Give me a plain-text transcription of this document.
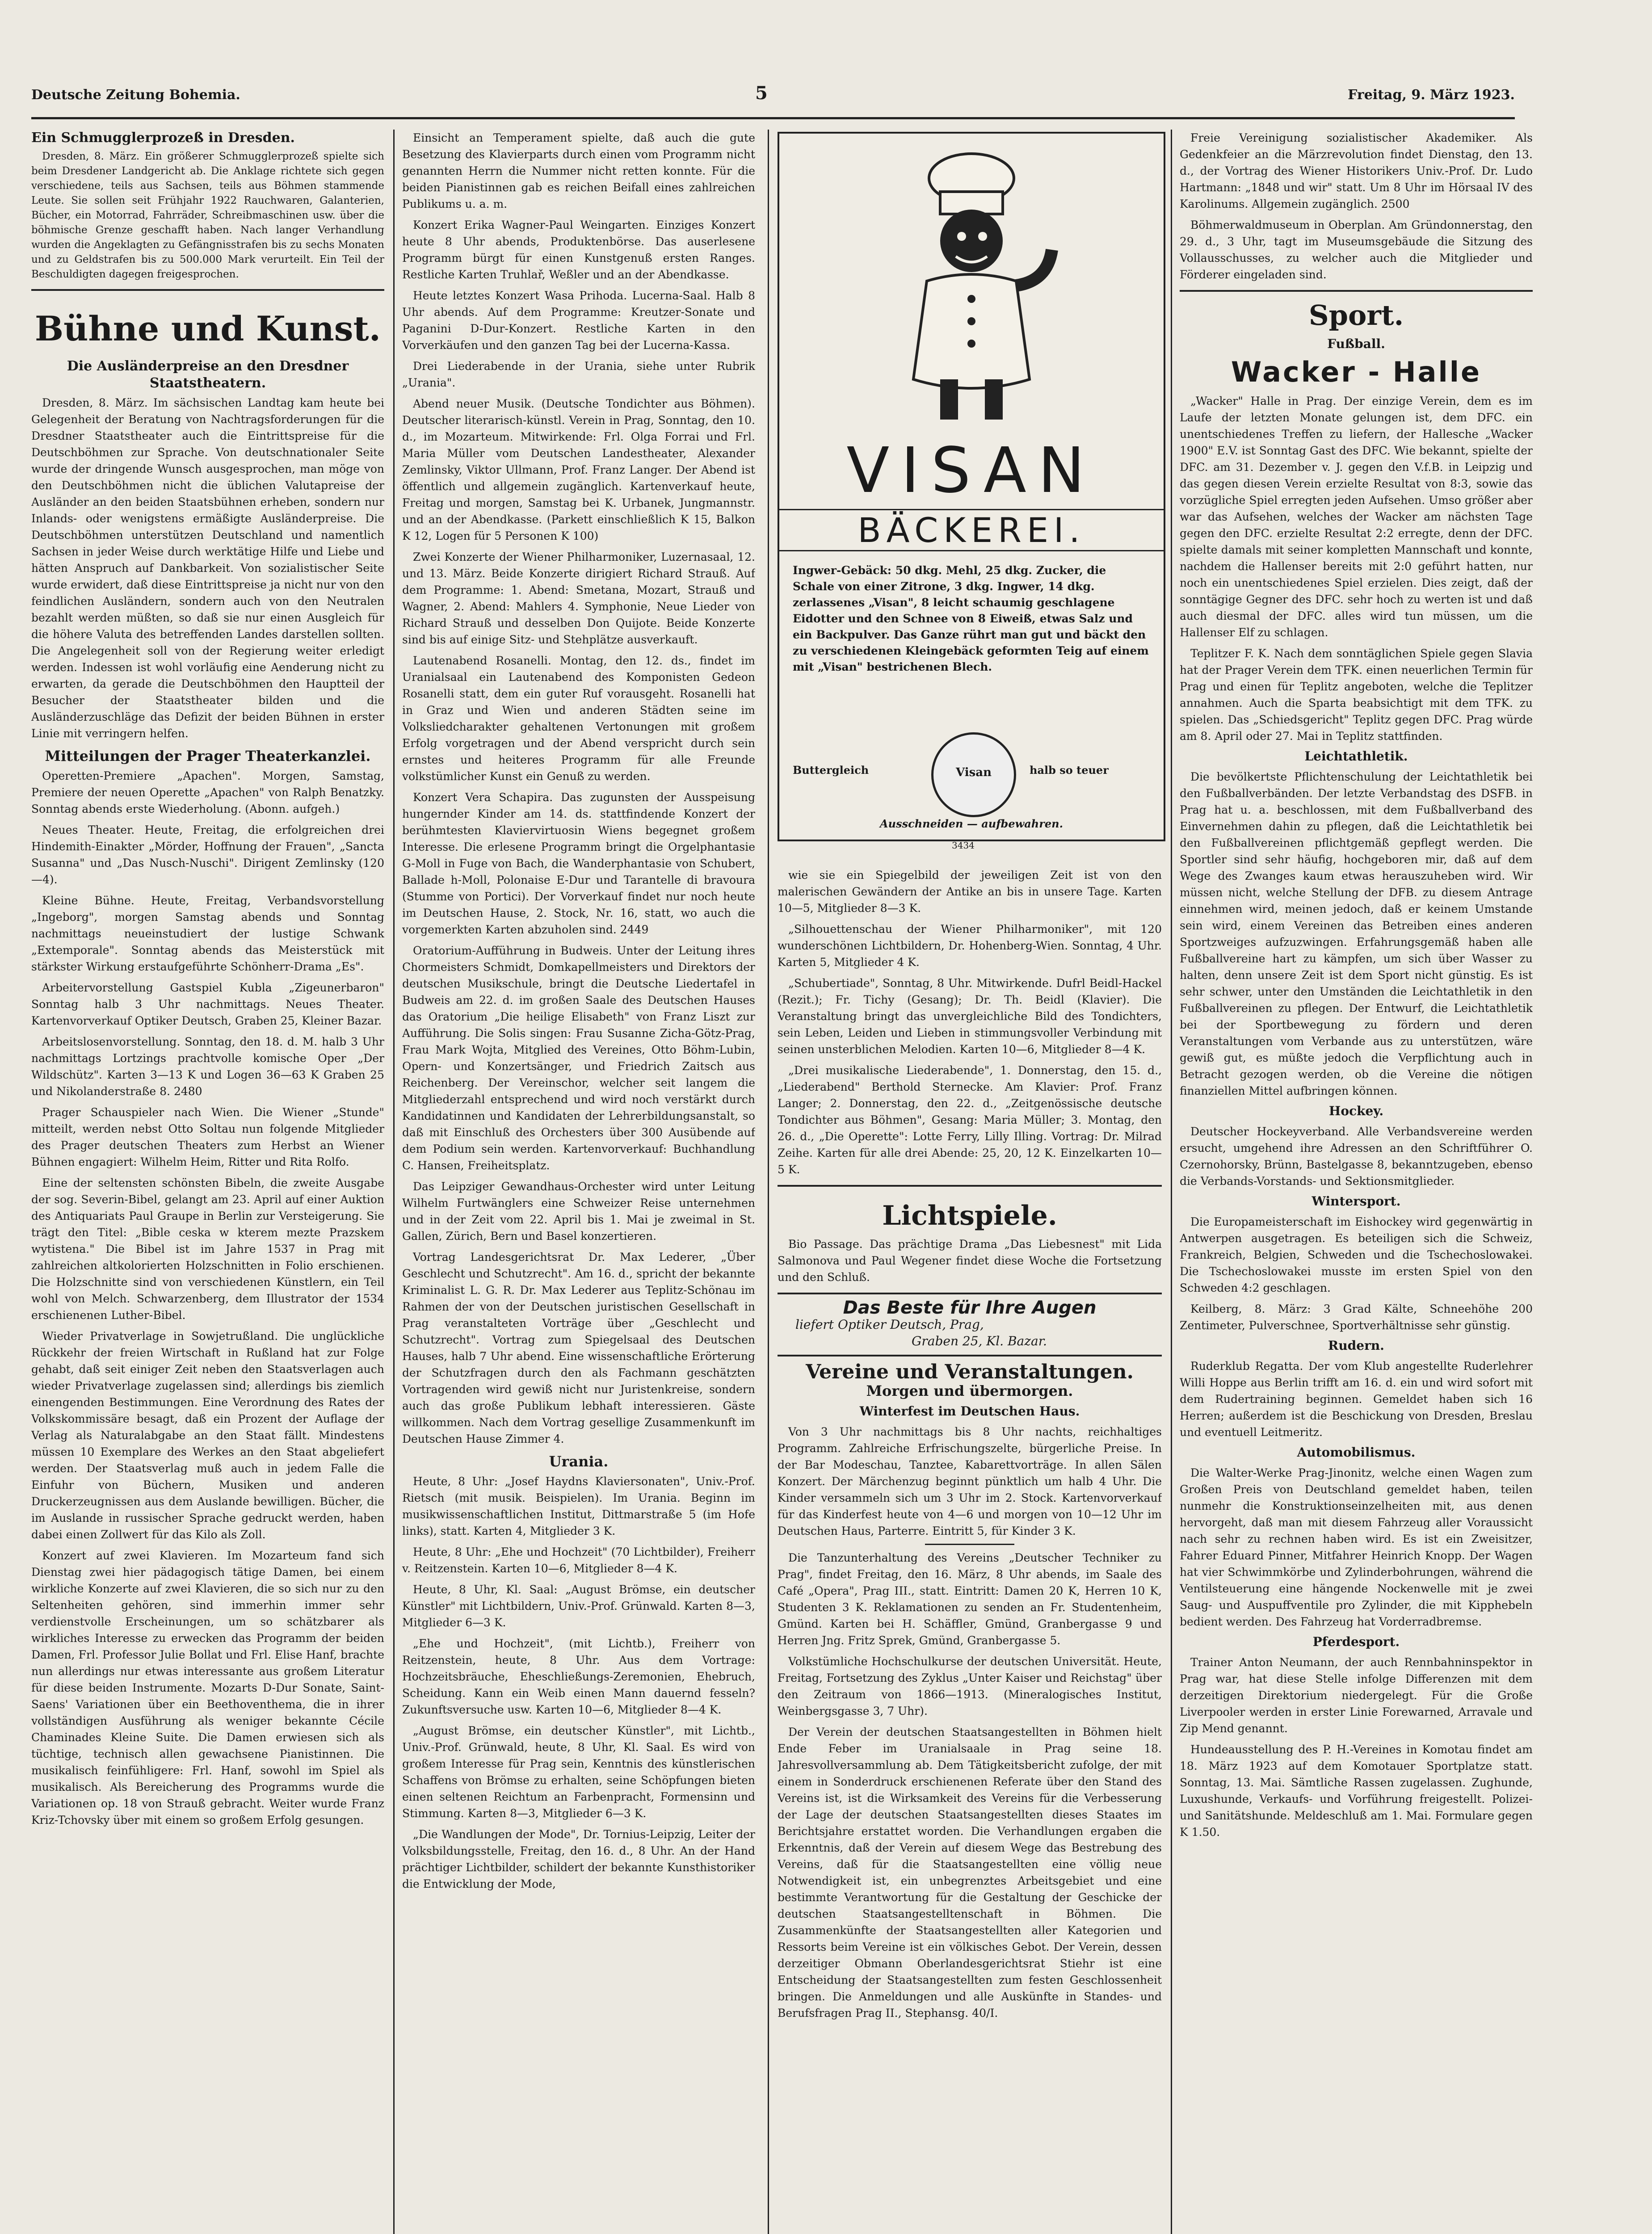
Deutsche Zeitung Bohemia.	5	Freitag, 9. März 1923.
Ein Schmugglerprozeß in Dresden.

Dresden, 8. März. Ein größerer Schmugglerprozeß spielte sich beim Dresdener Landgericht ab. Die Anklage richtete sich gegen verschiedene, teils aus Sachsen, teils aus Böhmen stammende Leute. Sie sollen seit Frühjahr 1922 Rauchwaren, Galanterien, Bücher, ein Motorrad, Fahrräder, Schreibmaschinen usw. über die böhmische Grenze geschafft haben. Nach langer Verhandlung wurden die Angeklagten zu Gefängnisstrafen bis zu sechs Monaten und zu Geldstrafen bis zu 500.000 Mark verurteilt. Ein Teil der Beschuldigten dagegen freigesprochen.

Bühne und Kunst.
Die Ausländerpreise an den Dresdner Staatstheatern.

Dresden, 8. März. Im sächsischen Landtag kam heute bei Gelegenheit der Beratung von Nachtragsforderungen für die Dresdner Staatstheater auch die Eintrittspreise für die Deutschböhmen zur Sprache. Von deutschnationaler Seite wurde der dringende Wunsch ausgesprochen, man möge von den Deutschböhmen nicht die üblichen Valutapreise der Ausländer an den beiden Staatsbühnen erheben, sondern nur Inlands- oder wenigstens ermäßigte Ausländerpreise. Die Deutschböhmen unterstützen Deutschland und namentlich Sachsen in jeder Weise durch werktätige Hilfe und Liebe und hätten Anspruch auf Dankbarkeit. Von sozialistischer Seite wurde erwidert, daß diese Eintrittspreise ja nicht nur von den feindlichen Ausländern, sondern auch von den Neutralen bezahlt werden müßten, so daß sie nur einen Ausgleich für die höhere Valuta des betreffenden Landes darstellen sollten. Die Angelegenheit soll von der Regierung weiter erledigt werden. Indessen ist wohl vorläufig eine Aenderung nicht zu erwarten, da gerade die Deutschböhmen den Hauptteil der Besucher der Staatstheater bilden und die Ausländerzuschläge das Defizit der beiden Bühnen in erster Linie mit verringern helfen.

Mitteilungen der Prager Theaterkanzlei.

Operetten-Premiere „Apachen". Morgen, Samstag, Premiere der neuen Operette „Apachen" von Ralph Benatzky. Sonntag abends erste Wiederholung. (Abonn. aufgeh.)

Neues Theater. Heute, Freitag, die erfolgreichen drei Hindemith-Einakter „Mörder, Hoffnung der Frauen", „Sancta Susanna" und „Das Nusch-Nuschi". Dirigent Zemlinsky (120—4).

Kleine Bühne. Heute, Freitag, Verbandsvorstellung „Ingeborg", morgen Samstag abends und Sonntag nachmittags neueinstudiert der lustige Schwank „Extemporale". Sonntag abends das Meisterstück mit stärkster Wirkung erstaufgeführte Schönherr-Drama „Es".

Arbeitervorstellung Gastspiel Kubla „Zigeunerbaron" Sonntag halb 3 Uhr nachmittags. Neues Theater. Kartenvorverkauf Optiker Deutsch, Graben 25, Kleiner Bazar.

Arbeitslosenvorstellung. Sonntag, den 18. d. M. halb 3 Uhr nachmittags Lortzings prachtvolle komische Oper „Der Wildschütz". Karten 3—13 K und Logen 36—63 K Graben 25 und Nikolanderstraße 8. 2480

Prager Schauspieler nach Wien. Die Wiener „Stunde" mitteilt, werden nebst Otto Soltau nun folgende Mitglieder des Prager deutschen Theaters zum Herbst an Wiener Bühnen engagiert: Wilhelm Heim, Ritter und Rita Rolfo.

Eine der seltensten schönsten Bibeln, die zweite Ausgabe der sog. Severin-Bibel, gelangt am 23. April auf einer Auktion des Antiquariats Paul Graupe in Berlin zur Versteigerung. Sie trägt den Titel: „Bible ceska w kterem mezte Prazskem wytistena." Die Bibel ist im Jahre 1537 in Prag mit zahlreichen altkolorierten Holzschnitten in Folio erschienen. Die Holzschnitte sind von verschiedenen Künstlern, ein Teil wohl von Melch. Schwarzenberg, dem Illustrator der 1534 erschienenen Luther-Bibel.

Wieder Privatverlage in Sowjetrußland. Die unglückliche Rückkehr der freien Wirtschaft in Rußland hat zur Folge gehabt, daß seit einiger Zeit neben den Staatsverlagen auch wieder Privatverlage zugelassen sind; allerdings bis ziemlich einengenden Bestimmungen. Eine Verordnung des Rates der Volkskommissäre besagt, daß ein Prozent der Auflage der Verlag als Naturalabgabe an den Staat fällt. Mindestens müssen 10 Exemplare des Werkes an den Staat abgeliefert werden. Der Staatsverlag muß auch in jedem Falle die Einfuhr von Büchern, Musiken und anderen Druckerzeugnissen aus dem Auslande bewilligen. Bücher, die im Auslande in russischer Sprache gedruckt werden, haben dabei einen Zollwert für das Kilo als Zoll.

Konzert auf zwei Klavieren. Im Mozarteum fand sich Dienstag zwei hier pädagogisch tätige Damen, bei einem wirkliche Konzerte auf zwei Klavieren, die so sich nur zu den Seltenheiten gehören, sind immerhin immer sehr verdienstvolle Erscheinungen, um so schätzbarer als wirkliches Interesse zu erwecken das Programm der beiden Damen, Frl. Professor Julie Bollat und Frl. Elise Hanf, brachte nun allerdings nur etwas interessante aus großem Literatur für diese beiden Instrumente. Mozarts D-Dur Sonate, Saint-Saens' Variationen über ein Beethoventhema, die in ihrer vollständigen Ausführung als weniger bekannte Cécile Chaminades Kleine Suite. Die Damen erwiesen sich als tüchtige, technisch allen gewachsene Pianistinnen. Die musikalisch feinfühligere: Frl. Hanf, sowohl im Spiel als musikalisch. Als Bereicherung des Programms wurde die Variationen op. 18 von Strauß gebracht. Weiter wurde Franz Kriz-Tchovsky über mit einem so großem Erfolg gesungen.

Einsicht an Temperament spielte, daß auch die gute Besetzung des Klavierparts durch einen vom Programm nicht genannten Herrn die Nummer nicht retten konnte. Für die beiden Pianistinnen gab es reichen Beifall eines zahlreichen Publikums u. a. m.

Konzert Erika Wagner-Paul Weingarten. Einziges Konzert heute 8 Uhr abends, Produktenbörse. Das auserlesene Programm bürgt für einen Kunstgenuß ersten Ranges. Restliche Karten Truhlař, Weßler und an der Abendkasse.

Heute letztes Konzert Wasa Prihoda. Lucerna-Saal. Halb 8 Uhr abends. Auf dem Programme: Kreutzer-Sonate und Paganini D-Dur-Konzert. Restliche Karten in den Vorverkäufen und den ganzen Tag bei der Lucerna-Kassa.

Drei Liederabende in der Urania, siehe unter Rubrik „Urania".

Abend neuer Musik. (Deutsche Tondichter aus Böhmen). Deutscher literarisch-künstl. Verein in Prag, Sonntag, den 10. d., im Mozarteum. Mitwirkende: Frl. Olga Forrai und Frl. Maria Müller vom Deutschen Landestheater, Alexander Zemlinsky, Viktor Ullmann, Prof. Franz Langer. Der Abend ist öffentlich und allgemein zugänglich. Kartenverkauf heute, Freitag und morgen, Samstag bei K. Urbanek, Jungmannstr. und an der Abendkasse. (Parkett einschließlich K 15, Balkon K 12, Logen für 5 Personen K 100)

Zwei Konzerte der Wiener Philharmoniker, Luzernasaal, 12. und 13. März. Beide Konzerte dirigiert Richard Strauß. Auf dem Programme: 1. Abend: Smetana, Mozart, Strauß und Wagner, 2. Abend: Mahlers 4. Symphonie, Neue Lieder von Richard Strauß und desselben Don Quijote. Beide Konzerte sind bis auf einige Sitz- und Stehplätze ausverkauft.

Lautenabend Rosanelli. Montag, den 12. ds., findet im Uranialsaal ein Lautenabend des Komponisten Gedeon Rosanelli statt, dem ein guter Ruf vorausgeht. Rosanelli hat in Graz und Wien und anderen Städten seine im Volksliedcharakter gehaltenen Vertonungen mit großem Erfolg vorgetragen und der Abend verspricht durch sein ernstes und heiteres Programm für alle Freunde volkstümlicher Kunst ein Genuß zu werden.

Konzert Vera Schapira. Das zugunsten der Ausspeisung hungernder Kinder am 14. ds. stattfindende Konzert der berühmtesten Klaviervirtuosin Wiens begegnet großem Interesse. Die erlesene Programm bringt die Orgelphantasie G-Moll in Fuge von Bach, die Wanderphantasie von Schubert, Ballade h-Moll, Polonaise E-Dur und Tarantelle di bravoura (Stumme von Portici). Der Vorverkauf findet nur noch heute im Deutschen Hause, 2. Stock, Nr. 16, statt, wo auch die vorgemerkten Karten abzuholen sind. 2449

Oratorium-Aufführung in Budweis. Unter der Leitung ihres Chormeisters Schmidt, Domkapellmeisters und Direktors der deutschen Musikschule, bringt die Deutsche Liedertafel in Budweis am 22. d. im großen Saale des Deutschen Hauses das Oratorium „Die heilige Elisabeth" von Franz Liszt zur Aufführung. Die Solis singen: Frau Susanne Zicha-Götz-Prag, Frau Mark Wojta, Mitglied des Vereines, Otto Böhm-Lubin, Opern- und Konzertsänger, und Friedrich Zaitsch aus Reichenberg. Der Vereinschor, welcher seit langem die Mitgliederzahl entsprechend und wird noch verstärkt durch Kandidatinnen und Kandidaten der Lehrerbildungsanstalt, so daß mit Einschluß des Orchesters über 300 Ausübende auf dem Podium sein werden. Kartenvorverkauf: Buchhandlung C. Hansen, Freiheitsplatz.

Das Leipziger Gewandhaus-Orchester wird unter Leitung Wilhelm Furtwänglers eine Schweizer Reise unternehmen und in der Zeit vom 22. April bis 1. Mai je zweimal in St. Gallen, Zürich, Bern und Basel konzertieren.

Vortrag Landesgerichtsrat Dr. Max Lederer, „Über Geschlecht und Schutzrecht". Am 16. d., spricht der bekannte Kriminalist L. G. R. Dr. Max Lederer aus Teplitz-Schönau im Rahmen der von der Deutschen juristischen Gesellschaft in Prag veranstalteten Vorträge über „Geschlecht und Schutzrecht". Vortrag zum Spiegelsaal des Deutschen Hauses, halb 7 Uhr abend. Eine wissenschaftliche Erörterung der Schutzfragen durch den als Fachmann geschätzten Vortragenden wird gewiß nicht nur Juristenkreise, sondern auch das große Publikum lebhaft interessieren. Gäste willkommen. Nach dem Vortrag gesellige Zusammenkunft im Deutschen Hause Zimmer 4.

Urania.

Heute, 8 Uhr: „Josef Haydns Klaviersonaten", Univ.-Prof. Rietsch (mit musik. Beispielen). Im Urania. Beginn im musikwissenschaftlichen Institut, Dittmarstraße 5 (im Hofe links), statt. Karten 4, Mitglieder 3 K.

Heute, 8 Uhr: „Ehe und Hochzeit" (70 Lichtbilder), Freiherr v. Reitzenstein. Karten 10—6, Mitglieder 8—4 K.

Heute, 8 Uhr, Kl. Saal: „August Brömse, ein deutscher Künstler" mit Lichtbildern, Univ.-Prof. Grünwald. Karten 8—3, Mitglieder 6—3 K.

„Ehe und Hochzeit", (mit Lichtb.), Freiherr von Reitzenstein, heute, 8 Uhr. Aus dem Vortrage: Hochzeitsbräuche, Eheschließungs-Zeremonien, Ehebruch, Scheidung. Kann ein Weib einen Mann dauernd fesseln? Zukunftsversuche usw. Karten 10—6, Mitglieder 8—4 K.

„August Brömse, ein deutscher Künstler", mit Lichtb., Univ.-Prof. Grünwald, heute, 8 Uhr, Kl. Saal. Es wird von großem Interesse für Prag sein, Kenntnis des künstlerischen Schaffens von Brömse zu erhalten, seine Schöpfungen bieten einen seltenen Reichtum an Farbenpracht, Formensinn und Stimmung. Karten 8—3, Mitglieder 6—3 K.

„Die Wandlungen der Mode", Dr. Tornius-Leipzig, Leiter der Volksbildungsstelle, Freitag, den 16. d., 8 Uhr. An der Hand prächtiger Lichtbilder, schildert der bekannte Kunsthistoriker die Entwicklung der Mode,

VISAN
BÄCKEREI.
Ingwer-Gebäck: 50 dkg. Mehl, 25 dkg. Zucker, die Schale von einer Zitrone, 3 dkg. Ingwer, 14 dkg. zerlassenes „Visan", 8 leicht schaumig geschlagene Eidotter und den Schnee von 8 Eiweiß, etwas Salz und ein Backpulver. Das Ganze rührt man gut und bäckt den zu verschiedenen Kleingebäck geformten Teig auf einem mit „Visan" bestrichenen Blech.
Buttergleich	Visan	halb so teuer
Ausschneiden — aufbewahren.
3434

wie sie ein Spiegelbild der jeweiligen Zeit ist von den malerischen Gewändern der Antike an bis in unsere Tage. Karten 10—5, Mitglieder 8—3 K.

„Silhouettenschau der Wiener Philharmoniker", mit 120 wunderschönen Lichtbildern, Dr. Hohenberg-Wien. Sonntag, 4 Uhr. Karten 5, Mitglieder 4 K.

„Schubertiade", Sonntag, 8 Uhr. Mitwirkende. Dufrl Beidl-Hackel (Rezit.); Fr. Tichy (Gesang); Dr. Th. Beidl (Klavier). Die Veranstaltung bringt das unvergleichliche Bild des Tondichters, sein Leben, Leiden und Lieben in stimmungsvoller Verbindung mit seinen unsterblichen Melodien. Karten 10—6, Mitglieder 8—4 K.

„Drei musikalische Liederabende", 1. Donnerstag, den 15. d., „Liederabend" Berthold Sternecke. Am Klavier: Prof. Franz Langer; 2. Donnerstag, den 22. d., „Zeitgenössische deutsche Tondichter aus Böhmen", Gesang: Maria Müller; 3. Montag, den 26. d., „Die Operette": Lotte Ferry, Lilly Illing. Vortrag: Dr. Milrad Zeihe. Karten für alle drei Abende: 25, 20, 12 K. Einzelkarten 10—5 K.

Lichtspiele.

Bio Passage. Das prächtige Drama „Das Liebesnest" mit Lida Salmonova und Paul Wegener findet diese Woche die Fortsetzung und den Schluß.

Das Beste für Ihre Augen
liefert Optiker Deutsch, Prag,
Graben 25, Kl. Bazar.
Vereine und Veranstaltungen.
Morgen und übermorgen.
Winterfest im Deutschen Haus.

Von 3 Uhr nachmittags bis 8 Uhr nachts, reichhaltiges Programm. Zahlreiche Erfrischungszelte, bürgerliche Preise. In der Bar Modeschau, Tanztee, Kabarettvorträge. In allen Sälen Konzert. Der Märchenzug beginnt pünktlich um halb 4 Uhr. Die Kinder versammeln sich um 3 Uhr im 2. Stock. Kartenvorverkauf für das Kinderfest heute von 4—6 und morgen von 10—12 Uhr im Deutschen Haus, Parterre. Eintritt 5, für Kinder 3 K.

Die Tanzunterhaltung des Vereins „Deutscher Techniker zu Prag", findet Freitag, den 16. März, 8 Uhr abends, im Saale des Café „Opera", Prag III., statt. Eintritt: Damen 20 K, Herren 10 K, Studenten 3 K. Reklamationen zu senden an Fr. Studentenheim, Gmünd. Karten bei H. Schäffler, Gmünd, Granbergasse 9 und Herren Jng. Fritz Sprek, Gmünd, Granbergasse 5.

Volkstümliche Hochschulkurse der deutschen Universität. Heute, Freitag, Fortsetzung des Zyklus „Unter Kaiser und Reichstag" über den Zeitraum von 1866—1913. (Mineralogisches Institut, Weinbergsgasse 3, 7 Uhr).

Der Verein der deutschen Staatsangestellten in Böhmen hielt Ende Feber im Uranialsaale in Prag seine 18. Jahresvollversammlung ab. Dem Tätigkeitsbericht zufolge, der mit einem in Sonderdruck erschienenen Referate über den Stand des Vereins ist, ist die Wirksamkeit des Vereins für die Verbesserung der Lage der deutschen Staatsangestellten dieses Staates im Berichtsjahre erstattet worden. Die Verhandlungen ergaben die Erkenntnis, daß der Verein auf diesem Wege das Bestrebung des Vereins, daß für die Staatsangestellten eine völlig neue Notwendigkeit ist, ein unbegrenztes Arbeitsgebiet und eine bestimmte Verantwortung für die Gestaltung der Geschicke der deutschen Staatsangestelltenschaft in Böhmen. Die Zusammenkünfte der Staatsangestellten aller Kategorien und Ressorts beim Vereine ist ein völkisches Gebot. Der Verein, dessen derzeitiger Obmann Oberlandesgerichtsrat Stiehr ist eine Entscheidung der Staatsangestellten zum festen Geschlossenheit bringen. Die Anmeldungen und alle Auskünfte in Standes- und Berufsfragen Prag II., Stephansg. 40/I.

Freie Vereinigung sozialistischer Akademiker. Als Gedenkfeier an die Märzrevolution findet Dienstag, den 13. d., der Vortrag des Wiener Historikers Univ.-Prof. Dr. Ludo Hartmann: „1848 und wir" statt. Um 8 Uhr im Hörsaal IV des Karolinums. Allgemein zugänglich. 2500

Böhmerwaldmuseum in Oberplan. Am Gründonnerstag, den 29. d., 3 Uhr, tagt im Museumsgebäude die Sitzung des Vollausschusses, zu welcher auch die Mitglieder und Förderer eingeladen sind.

Sport.
Fußball.
Wacker - Halle

„Wacker" Halle in Prag. Der einzige Verein, dem es im Laufe der letzten Monate gelungen ist, dem DFC. ein unentschiedenes Treffen zu liefern, der Hallesche „Wacker 1900" E.V. ist Sonntag Gast des DFC. Wie bekannt, spielte der DFC. am 31. Dezember v. J. gegen den V.f.B. in Leipzig und das gegen diesen Verein erzielte Resultat von 8:3, sowie das vorzügliche Spiel erregten jeden Aufsehen. Umso größer aber war das Aufsehen, welches der Wacker am nächsten Tage gegen den DFC. erzielte Resultat 2:2 erregte, denn der DFC. spielte damals mit seiner kompletten Mannschaft und konnte, nachdem die Hallenser bereits mit 2:0 geführt hatten, nur noch ein unentschiedenes Spiel erzielen. Dies zeigt, daß der sonntägige Gegner des DFC. sehr hoch zu werten ist und daß auch diesmal der DFC. alles wird tun müssen, um die Hallenser Elf zu schlagen.

Teplitzer F. K. Nach dem sonntäglichen Spiele gegen Slavia hat der Prager Verein dem TFK. einen neuerlichen Termin für Prag und einen für Teplitz angeboten, welche die Teplitzer annahmen. Auch die Sparta beabsichtigt mit dem TFK. zu spielen. Das „Schiedsgericht" Teplitz gegen DFC. Prag würde am 8. April oder 27. Mai in Teplitz stattfinden.

Leichtathletik.

Die bevölkertste Pflichtenschulung der Leichtathletik bei den Fußballverbänden. Der letzte Verbandstag des DSFB. in Prag hat u. a. beschlossen, mit dem Fußballverband des Einvernehmen dahin zu pflegen, daß die Leichtathletik bei den Fußballvereinen pflichtgemäß gepflegt werden. Die Sportler sind sehr häufig, hochgeboren mir, daß auf dem Wege des Zwanges kaum etwas herauszuheben wird. Wir müssen nicht, welche Stellung der DFB. zu diesem Antrage einnehmen wird, meinen jedoch, daß er keinem Umstande sein wird, einem Vereinen das Betreiben eines anderen Sportzweiges aufzuzwingen. Erfahrungsgemäß haben alle Fußballvereine hart zu kämpfen, um sich über Wasser zu halten, denn unsere Zeit ist dem Sport nicht günstig. Es ist sehr schwer, unter den Umständen die Leichtathletik in den Fußballvereinen zu pflegen. Der Entwurf, die Leichtathletik bei der Sportbewegung zu fördern und deren Veranstaltungen vom Verbande aus zu unterstützen, wäre gewiß gut, es müßte jedoch die Verpflichtung auch in Betracht gezogen werden, ob die Vereine die nötigen finanziellen Mittel aufbringen können.

Hockey.

Deutscher Hockeyverband. Alle Verbandsvereine werden ersucht, umgehend ihre Adressen an den Schriftführer O. Czernohorsky, Brünn, Bastelgasse 8, bekanntzugeben, ebenso die Verbands-Vorstands- und Sektionsmitglieder.

Wintersport.

Die Europameisterschaft im Eishockey wird gegenwärtig in Antwerpen ausgetragen. Es beteiligen sich die Schweiz, Frankreich, Belgien, Schweden und die Tschechoslowakei. Die Tschechoslowakei musste im ersten Spiel von den Schweden 4:2 geschlagen.

Keilberg, 8. März: 3 Grad Kälte, Schneehöhe 200 Zentimeter, Pulverschnee, Sportverhältnisse sehr günstig.

Rudern.

Ruderklub Regatta. Der vom Klub angestellte Ruderlehrer Willi Hoppe aus Berlin trifft am 16. d. ein und wird sofort mit dem Rudertraining beginnen. Gemeldet haben sich 16 Herren; außerdem ist die Beschickung von Dresden, Breslau und eventuell Leitmeritz.

Automobilismus.

Die Walter-Werke Prag-Jinonitz, welche einen Wagen zum Großen Preis von Deutschland gemeldet haben, teilen nunmehr die Konstruktionseinzelheiten mit, aus denen hervorgeht, daß man mit diesem Fahrzeug aller Voraussicht nach sehr zu rechnen haben wird. Es ist ein Zweisitzer, Fahrer Eduard Pinner, Mitfahrer Heinrich Knopp. Der Wagen hat vier Schwimmkörbe und Zylinderbohrungen, während die Ventilsteuerung eine hängende Nockenwelle mit je zwei Saug- und Auspuffventile pro Zylinder, die mit Kipphebeln bedient werden. Des Fahrzeug hat Vorderradbremse.

Pferdesport.

Trainer Anton Neumann, der auch Rennbahninspektor in Prag war, hat diese Stelle infolge Differenzen mit dem derzeitigen Direktorium niedergelegt. Für die Große Liverpooler werden in erster Linie Forewarned, Arravale und Zip Mend genannt.

Hundeausstellung des P. H.-Vereines in Komotau findet am 18. März 1923 auf dem Komotauer Sportplatze statt. Sonntag, 13. Mai. Sämtliche Rassen zugelassen. Zughunde, Luxushunde, Verkaufs- und Vorführung freigestellt. Polizei- und Sanitätshunde. Meldeschluß am 1. Mai. Formulare gegen K 1.50.
